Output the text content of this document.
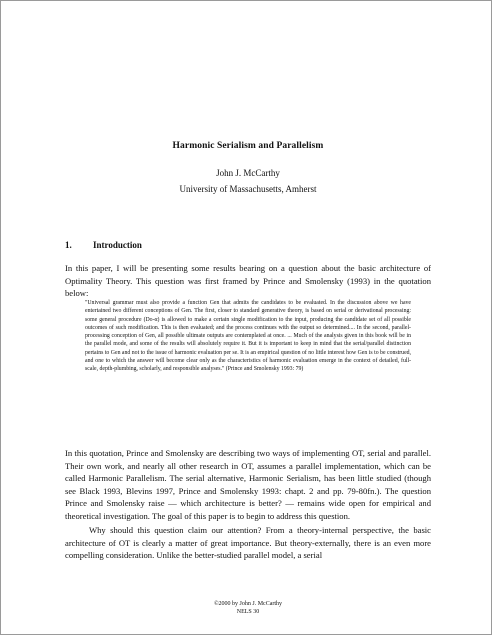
Harmonic Serialism and Parallelism
John J. McCarthy
University of Massachusetts, Amherst
1. Introduction
In this paper, I will be presenting some results bearing on a question about the basic architecture of Optimality Theory. This question was first framed by Prince and Smolensky (1993) in the quotation below:
"Universal grammar must also provide a function Gen that admits the candidates to be evaluated. In the discussion above we have entertained two different conceptions of Gen. The first, closer to standard generative theory, is based on serial or derivational processing: some general procedure (Do-α) is allowed to make a certain single modification to the input, producing the candidate set of all possible outcomes of such modification. This is then evaluated; and the process continues with the output so determined.... In the second, parallel-processing conception of Gen, all possible ultimate outputs are contemplated at once. ... Much of the analysis given in this book will be in the parallel mode, and some of the results will absolutely require it. But it is important to keep in mind that the serial/parallel distinction pertains to Gen and not to the issue of harmonic evaluation per se. It is an empirical question of no little interest how Gen is to be construed, and one to which the answer will become clear only as the characteristics of harmonic evaluation emerge in the context of detailed, full-scale, depth-plumbing, scholarly, and responsible analyses." (Prince and Smolensky 1993: 79)
In this quotation, Prince and Smolensky are describing two ways of implementing OT, serial and parallel. Their own work, and nearly all other research in OT, assumes a parallel implementation, which can be called Harmonic Parallelism. The serial alternative, Harmonic Serialism, has been little studied (though see Black 1993, Blevins 1997, Prince and Smolensky 1993: chapt. 2 and pp. 79-80fn.). The question Prince and Smolensky raise — which architecture is better? — remains wide open for empirical and theoretical investigation. The goal of this paper is to begin to address this question.
Why should this question claim our attention? From a theory-internal perspective, the basic architecture of OT is clearly a matter of great importance. But theory-externally, there is an even more compelling consideration. Unlike the better-studied parallel model, a serial
©2000 by John J. McCarthy
NELS 30
